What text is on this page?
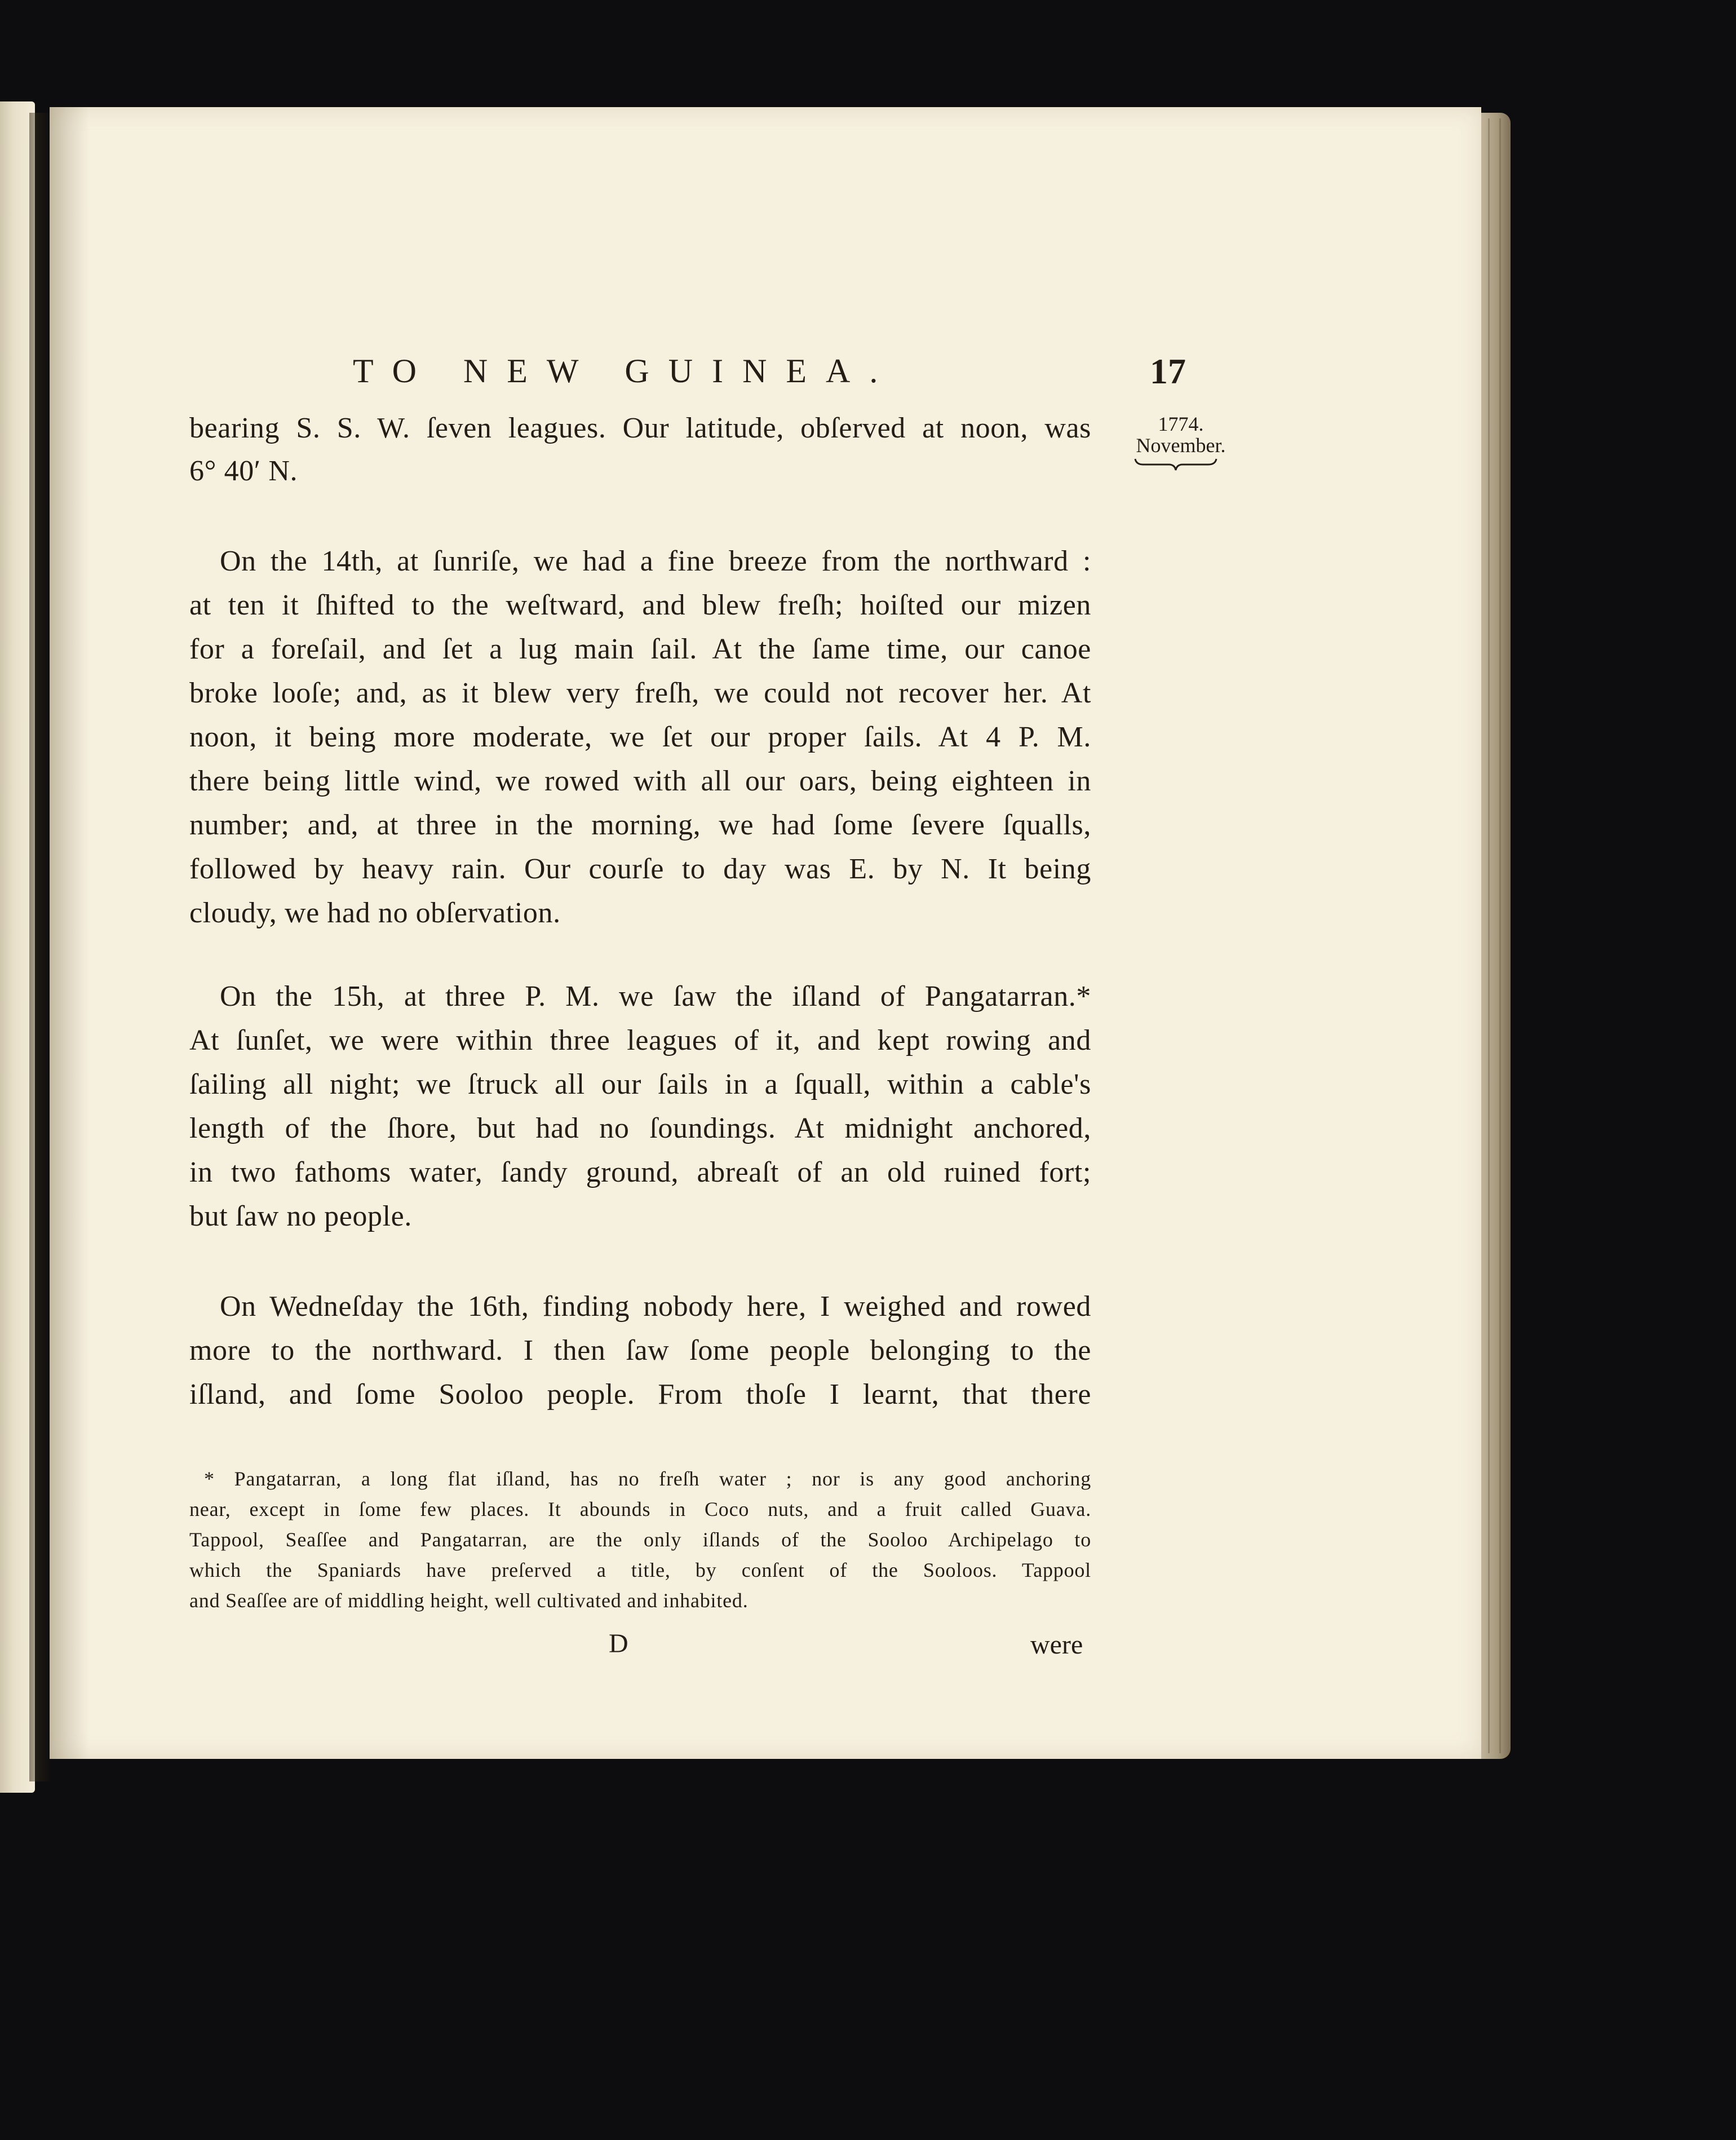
TO NEW GUINEA.	17
1774.
November.
bearing S. S. W. ſeven leagues. Our latitude, obſerved at noon, was
6° 40′ N.
On the 14th, at ſunriſe, we had a fine breeze from the northward :
at ten it ſhifted to the weſtward, and blew freſh; hoiſted our mizen
for a foreſail, and ſet a lug main ſail. At the ſame time, our canoe
broke looſe; and, as it blew very freſh, we could not recover her. At
noon, it being more moderate, we ſet our proper ſails. At 4 P. M.
there being little wind, we rowed with all our oars, being eighteen in
number; and, at three in the morning, we had ſome ſevere ſqualls,
followed by heavy rain. Our courſe to day was E. by N. It being
cloudy, we had no obſervation.
On the 15h, at three P. M. we ſaw the iſland of Pangatarran.*
At ſunſet, we were within three leagues of it, and kept rowing and
ſailing all night; we ſtruck all our ſails in a ſquall, within a cable's
length of the ſhore, but had no ſoundings. At midnight anchored,
in two fathoms water, ſandy ground, abreaſt of an old ruined fort;
but ſaw no people.
On Wedneſday the 16th, finding nobody here, I weighed and rowed
more to the northward. I then ſaw ſome people belonging to the
iſland, and ſome Sooloo people. From thoſe I learnt, that there
* Pangatarran, a long flat iſland, has no freſh water ; nor is any good anchoring
near, except in ſome few places. It abounds in Coco nuts, and a fruit called Guava.
Tappool, Seaſſee and Pangatarran, are the only iſlands of the Sooloo Archipelago to
which the Spaniards have preſerved a title, by conſent of the Sooloos. Tappool
and Seaſſee are of middling height, well cultivated and inhabited.
D	were
